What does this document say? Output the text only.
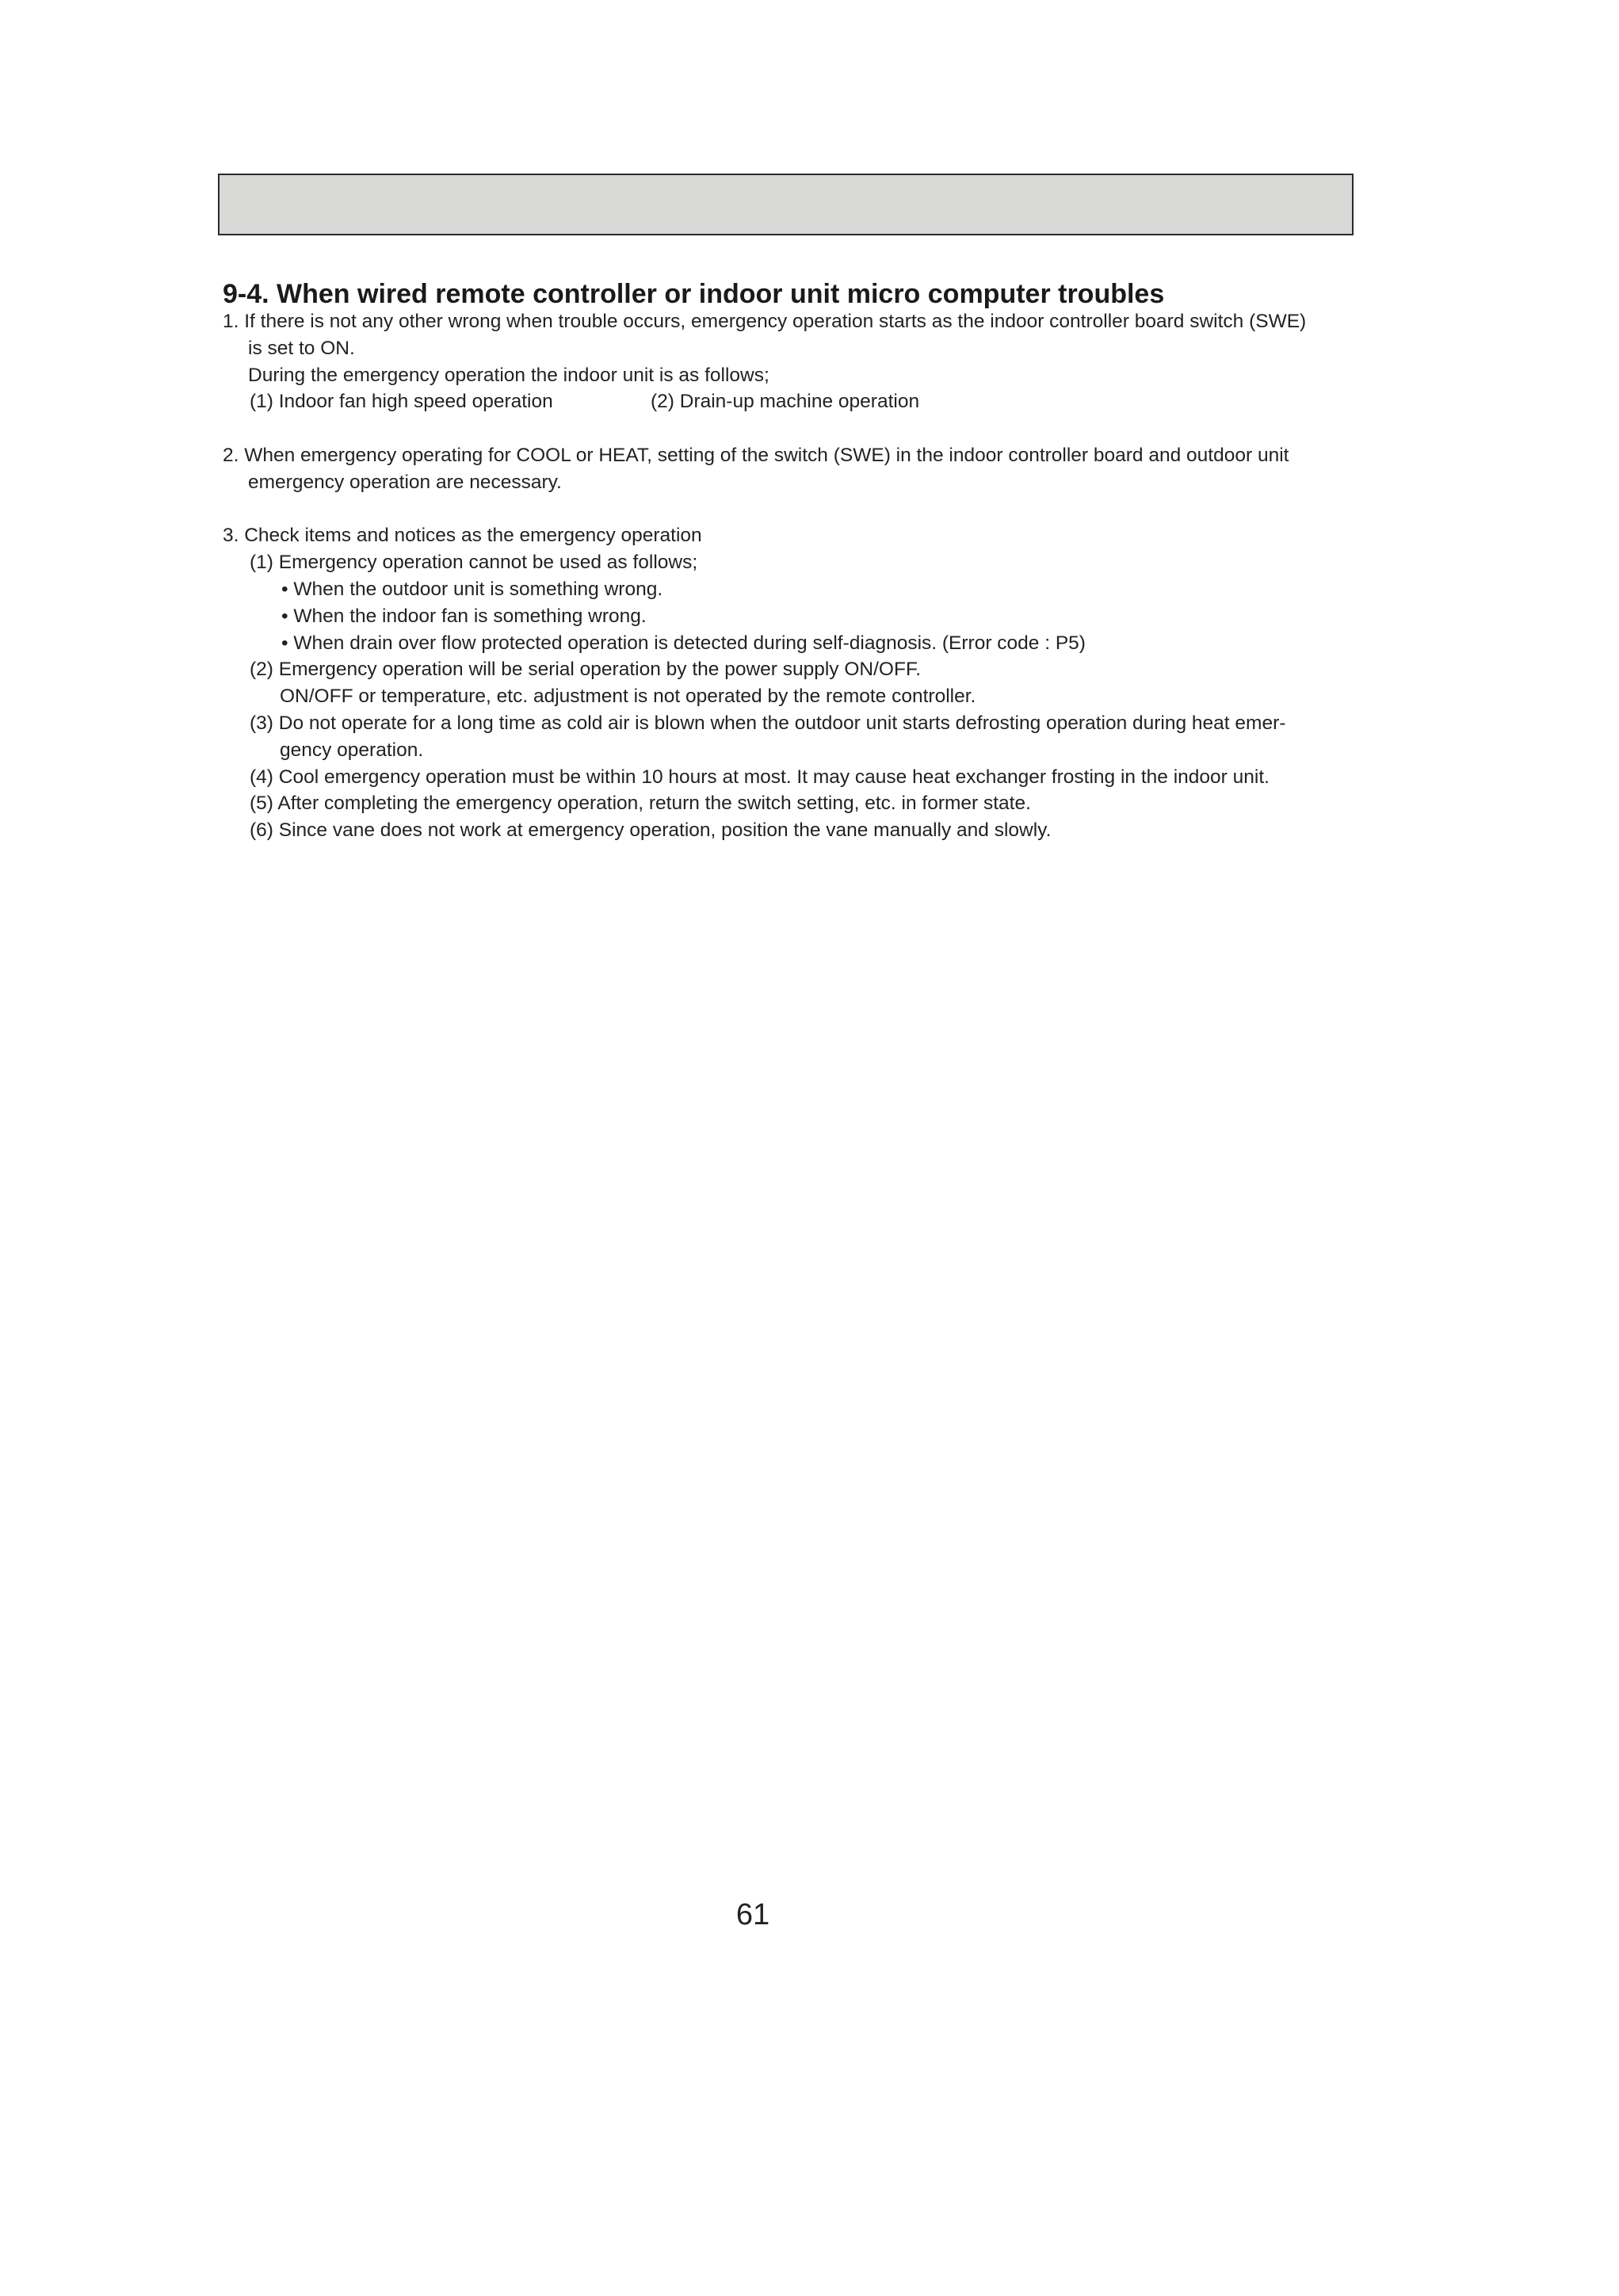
9-4. When wired remote controller or indoor unit micro computer troubles
1. If there is not any other wrong when trouble occurs, emergency operation starts as the indoor controller board switch (SWE)
is set to ON.
During the emergency operation the indoor unit is as follows;
(1) Indoor fan high speed operation	(2) Drain-up machine operation
2. When emergency operating for COOL or HEAT, setting of the switch (SWE) in the indoor controller board and outdoor unit
emergency operation are necessary.
3. Check items and notices as the emergency operation
(1) Emergency operation cannot be used as follows;
• When the outdoor unit is something wrong.
• When the indoor fan is something wrong.
• When drain over flow protected operation is detected during self-diagnosis. (Error code : P5)
(2) Emergency operation will be serial operation by the power supply ON/OFF.
ON/OFF or temperature, etc. adjustment is not operated by the remote controller.
(3) Do not operate for a long time as cold air is blown when the outdoor unit starts defrosting operation during heat emer-
gency operation.
(4) Cool emergency operation must be within 10 hours at most. It may cause heat exchanger frosting in the indoor unit.
(5) After completing the emergency operation, return the switch setting, etc. in former state.
(6) Since vane does not work at emergency operation, position the vane manually and slowly.
61
